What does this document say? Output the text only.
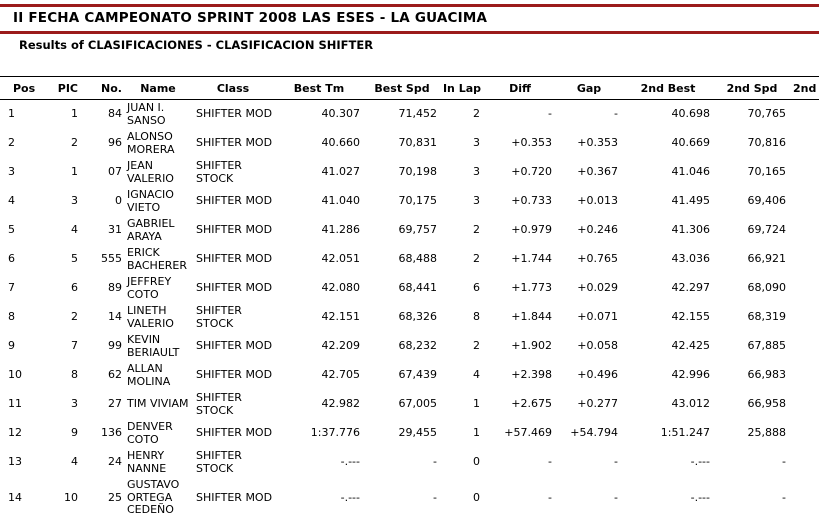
II FECHA CAMPEONATO SPRINT 2008 LAS ESES - LA GUACIMA
Results of CLASIFICACIONES - CLASIFICACION SHIFTER
Pos	PIC	No.	Name	Class	Best Tm	Best Spd	In Lap	Diff	Gap	2nd Best	2nd Spd	2nd
1	1	84	JUAN I. SANSO	SHIFTER MOD	40.307	71,452	2	-	-	40.698	70,765	
2	2	96	ALONSO MORERA	SHIFTER MOD	40.660	70,831	3	+0.353	+0.353	40.669	70,816	
3	1	07	JEAN VALERIO	SHIFTER STOCK	41.027	70,198	3	+0.720	+0.367	41.046	70,165	
4	3	0	IGNACIO VIETO	SHIFTER MOD	41.040	70,175	3	+0.733	+0.013	41.495	69,406	
5	4	31	GABRIEL ARAYA	SHIFTER MOD	41.286	69,757	2	+0.979	+0.246	41.306	69,724	
6	5	555	ERICK BACHERER	SHIFTER MOD	42.051	68,488	2	+1.744	+0.765	43.036	66,921	
7	6	89	JEFFREY COTO	SHIFTER MOD	42.080	68,441	6	+1.773	+0.029	42.297	68,090	
8	2	14	LINETH VALERIO	SHIFTER STOCK	42.151	68,326	8	+1.844	+0.071	42.155	68,319	
9	7	99	KEVIN BERIAULT	SHIFTER MOD	42.209	68,232	2	+1.902	+0.058	42.425	67,885	
10	8	62	ALLAN MOLINA	SHIFTER MOD	42.705	67,439	4	+2.398	+0.496	42.996	66,983	
11	3	27	TIM VIVIAM	SHIFTER STOCK	42.982	67,005	1	+2.675	+0.277	43.012	66,958	
12	9	136	DENVER COTO	SHIFTER MOD	1:37.776	29,455	1	+57.469	+54.794	1:51.247	25,888	
13	4	24	HENRY NANNE	SHIFTER STOCK	-.---	-	0	-	-	-.---	-	
14	10	25	GUSTAVO ORTEGA CEDEÑO	SHIFTER MOD	-.---	-	0	-	-	-.---	-	
